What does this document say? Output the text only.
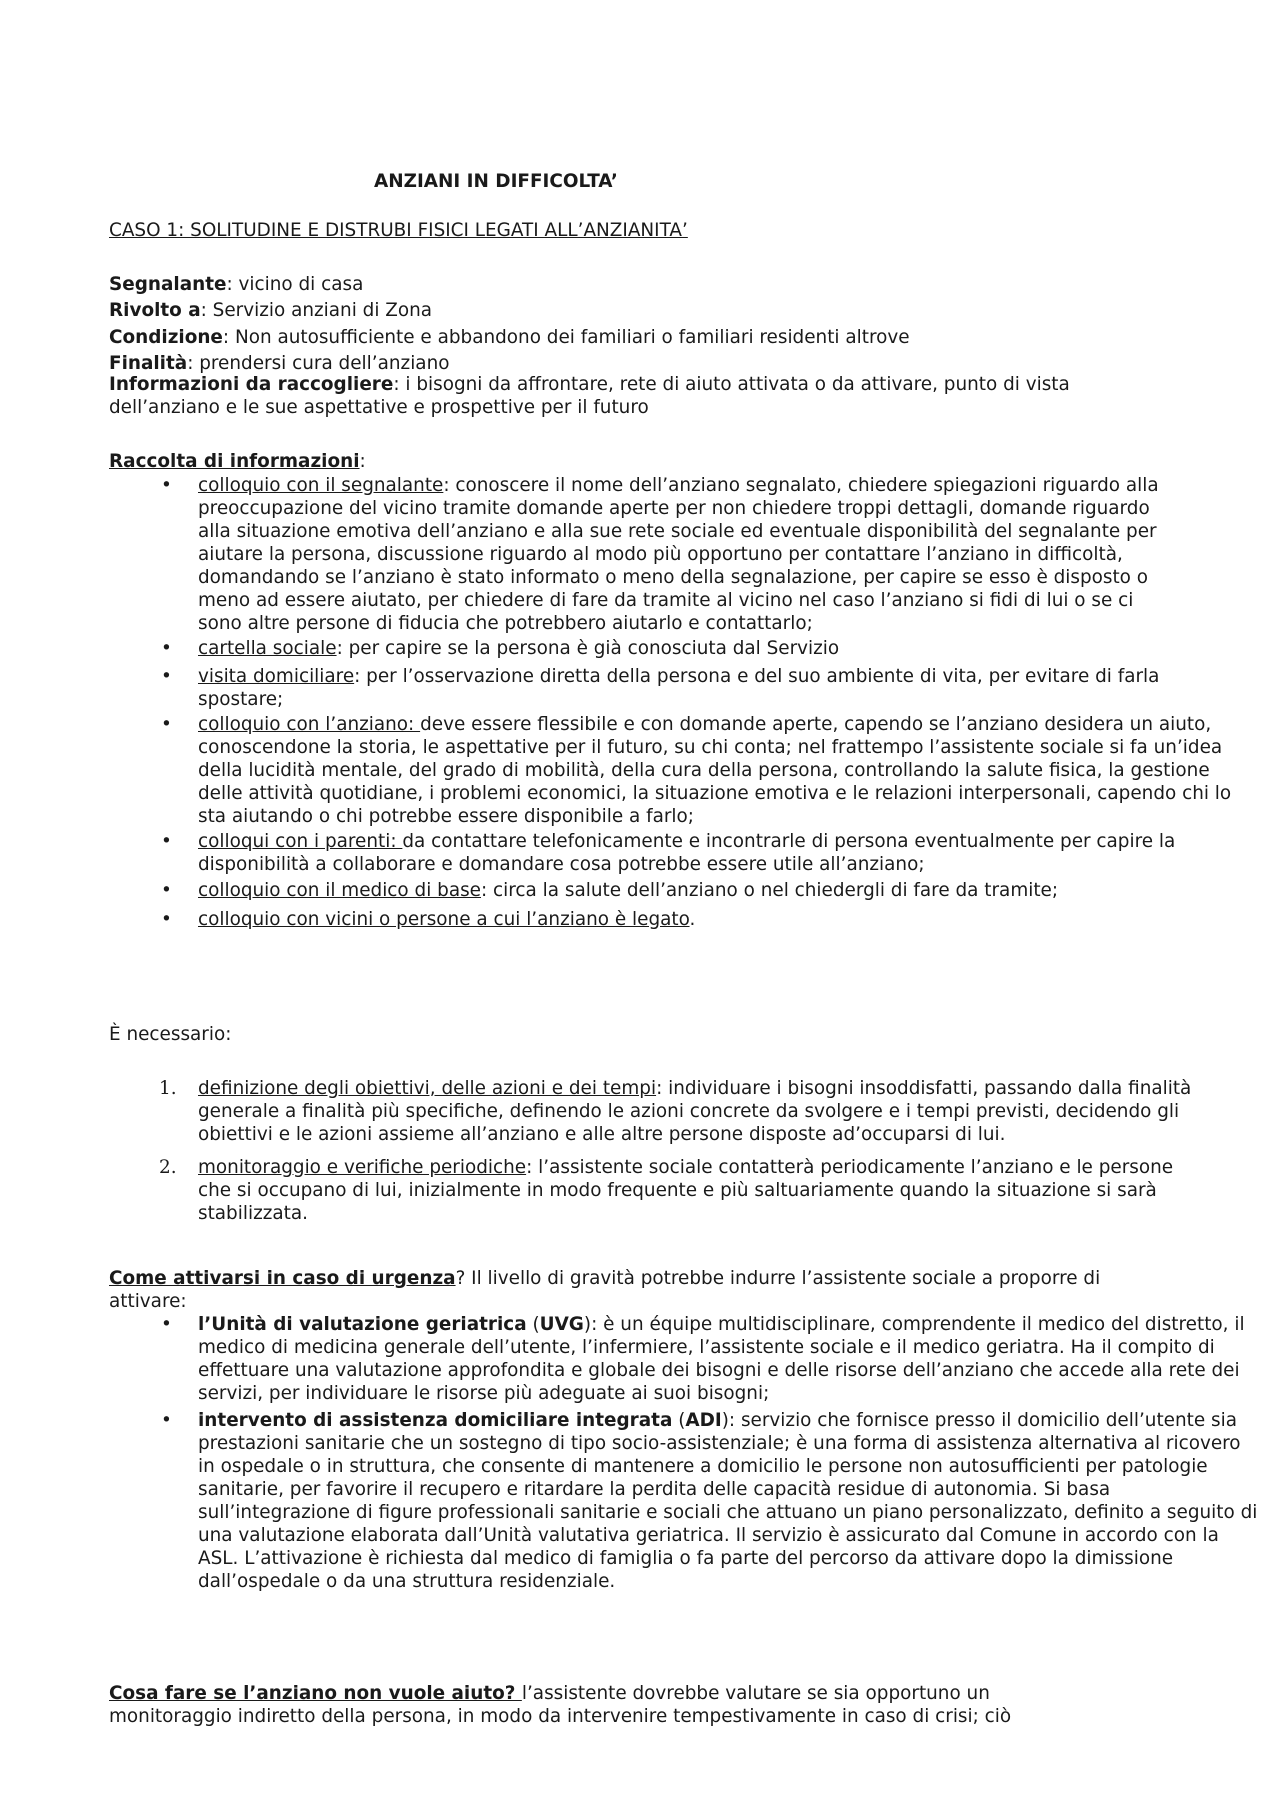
ANZIANI IN DIFFICOLTA’
CASO 1: SOLITUDINE E DISTRUBI FISICI LEGATI ALL’ANZIANITA’

Segnalante: vicino di casa

Rivolto a: Servizio anziani di Zona

Condizione: Non autosufficiente e abbandono dei familiari o familiari residenti altrove

Finalità: prendersi cura dell’anziano

Informazioni da raccogliere: i bisogni da affrontare, rete di aiuto attivata o da attivare, punto di vista dell’anziano e le sue aspettative e prospettive per il futuro

Raccolta di informazioni:

• colloquio con il segnalante: conoscere il nome dell’anziano segnalato, chiedere spiegazioni riguardo alla preoccupazione del vicino tramite domande aperte per non chiedere troppi dettagli, domande riguardo alla situazione emotiva dell’anziano e alla sue rete sociale ed eventuale disponibilità del segnalante per aiutare la persona, discussione riguardo al modo più opportuno per contattare l’anziano in difficoltà, domandando se l’anziano è stato informato o meno della segnalazione, per capire se esso è disposto o meno ad essere aiutato, per chiedere di fare da tramite al vicino nel caso l’anziano si fidi di lui o se ci sono altre persone di fiducia che potrebbero aiutarlo e contattarlo;
• cartella sociale: per capire se la persona è già conosciuta dal Servizio
• visita domiciliare: per l’osservazione diretta della persona e del suo ambiente di vita, per evitare di farla spostare;
• colloquio con l’anziano: deve essere flessibile e con domande aperte, capendo se l’anziano desidera un aiuto, conoscendone la storia, le aspettative per il futuro, su chi conta; nel frattempo l’assistente sociale si fa un’idea della lucidità mentale, del grado di mobilità, della cura della persona, controllando la salute fisica, la gestione delle attività quotidiane, i problemi economici, la situazione emotiva e le relazioni interpersonali, capendo chi lo sta aiutando o chi potrebbe essere disponibile a farlo;
• colloqui con i parenti: da contattare telefonicamente e incontrarle di persona eventualmente per capire la disponibilità a collaborare e domandare cosa potrebbe essere utile all’anziano;
• colloquio con il medico di base: circa la salute dell’anziano o nel chiedergli di fare da tramite;
• colloquio con vicini o persone a cui l’anziano è legato.
È necessario:
1. definizione degli obiettivi, delle azioni e dei tempi: individuare i bisogni insoddisfatti, passando dalla finalità generale a finalità più specifiche, definendo le azioni concrete da svolgere e i tempi previsti, decidendo gli obiettivi e le azioni assieme all’anziano e alle altre persone disposte ad’occuparsi di lui.
2. monitoraggio e verifiche periodiche: l’assistente sociale contatterà periodicamente l’anziano e le persone che si occupano di lui, inizialmente in modo frequente e più saltuariamente quando la situazione si sarà stabilizzata.

Come attivarsi in caso di urgenza? Il livello di gravità potrebbe indurre l’assistente sociale a proporre di attivare:

• l’Unità di valutazione geriatrica (UVG): è un équipe multidisciplinare, comprendente il medico del distretto, il medico di medicina generale dell’utente, l’infermiere, l’assistente sociale e il medico geriatra. Ha il compito di effettuare una valutazione approfondita e globale dei bisogni e delle risorse dell’anziano che accede alla rete dei servizi, per individuare le risorse più adeguate ai suoi bisogni;
• intervento di assistenza domiciliare integrata (ADI): servizio che fornisce presso il domicilio dell’utente sia prestazioni sanitarie che un sostegno di tipo socio-assistenziale; è una forma di assistenza alternativa al ricovero in ospedale o in struttura, che consente di mantenere a domicilio le persone non autosufficienti per patologie sanitarie, per favorire il recupero e ritardare la perdita delle capacità residue di autonomia. Si basa sull’integrazione di figure professionali sanitarie e sociali che attuano un piano personalizzato, definito a seguito di una valutazione elaborata dall’Unità valutativa geriatrica. Il servizio è assicurato dal Comune in accordo con la ASL. L’attivazione è richiesta dal medico di famiglia o fa parte del percorso da attivare dopo la dimissione dall’ospedale o da una struttura residenziale.

Cosa fare se l’anziano non vuole aiuto? l’assistente dovrebbe valutare se sia opportuno un monitoraggio indiretto della persona, in modo da intervenire tempestivamente in caso di crisi; ciò
